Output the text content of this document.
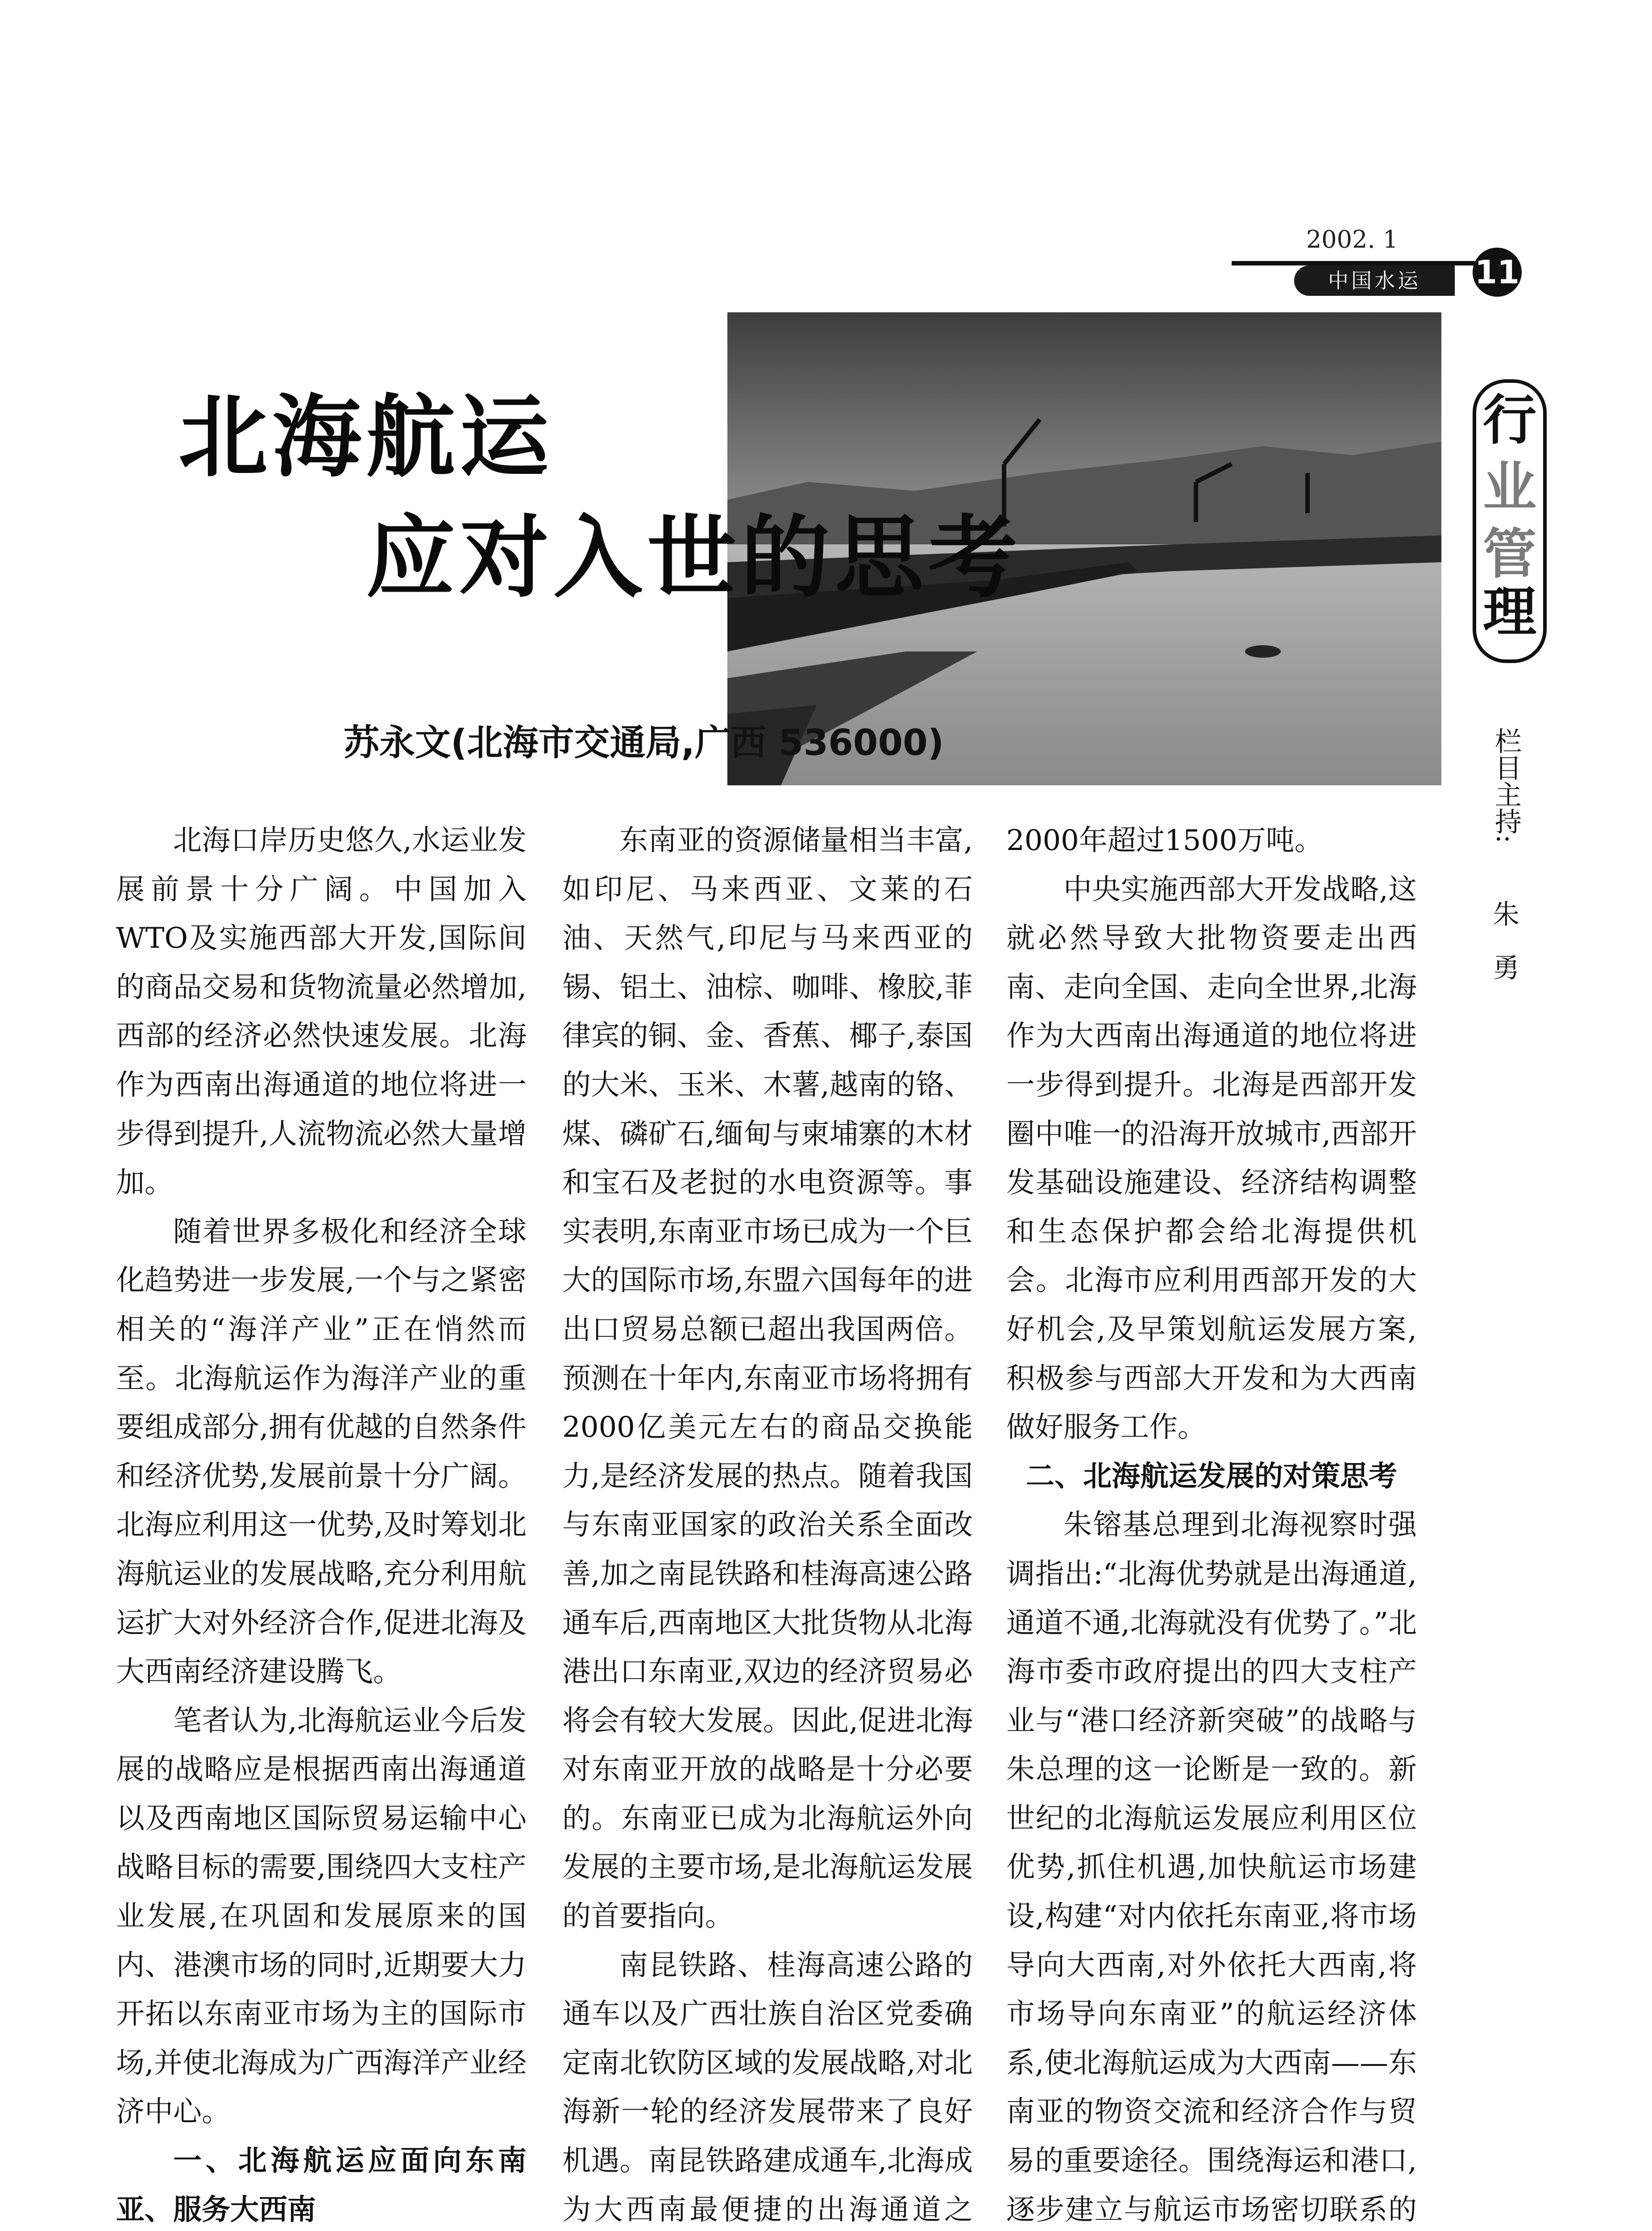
2002. 1
中国水运	11
行
业
管
理
栏目主持:
朱
勇
北海航运
应对入世的思考
苏永文(北海市交通局,广西 536000)

北海口岸历史悠久,水运业发展前景十分广阔。中国加入WTO及实施西部大开发,国际间的商品交易和货物流量必然增加,西部的经济必然快速发展。北海作为西南出海通道的地位将进一步得到提升,人流物流必然大量增加。

随着世界多极化和经济全球化趋势进一步发展,一个与之紧密相关的“海洋产业”正在悄然而至。北海航运作为海洋产业的重要组成部分,拥有优越的自然条件和经济优势,发展前景十分广阔。北海应利用这一优势,及时筹划北海航运业的发展战略,充分利用航运扩大对外经济合作,促进北海及大西南经济建设腾飞。

笔者认为,北海航运业今后发展的战略应是根据西南出海通道以及西南地区国际贸易运输中心战略目标的需要,围绕四大支柱产业发展,在巩固和发展原来的国内、港澳市场的同时,近期要大力开拓以东南亚市场为主的国际市场,并使北海成为广西海洋产业经济中心。

一、北海航运应面向东南亚、服务大西南

东南亚的资源储量相当丰富,如印尼、马来西亚、文莱的石油、天然气,印尼与马来西亚的锡、铝土、油棕、咖啡、橡胶,菲律宾的铜、金、香蕉、椰子,泰国的大米、玉米、木薯,越南的铬、煤、磷矿石,缅甸与柬埔寨的木材和宝石及老挝的水电资源等。事实表明,东南亚市场已成为一个巨大的国际市场,东盟六国每年的进出口贸易总额已超出我国两倍。预测在十年内,东南亚市场将拥有2000亿美元左右的商品交换能力,是经济发展的热点。随着我国与东南亚国家的政治关系全面改善,加之南昆铁路和桂海高速公路通车后,西南地区大批货物从北海港出口东南亚,双边的经济贸易必将会有较大发展。因此,促进北海对东南亚开放的战略是十分必要的。东南亚已成为北海航运外向发展的主要市场,是北海航运发展的首要指向。

南昆铁路、桂海高速公路的通车以及广西壮族自治区党委确定南北钦防区域的发展战略,对北海新一轮的经济发展带来了良好机遇。南昆铁路建成通车,北海成为大西南最便捷的出海通道之

2000年超过1500万吨。

中央实施西部大开发战略,这就必然导致大批物资要走出西南、走向全国、走向全世界,北海作为大西南出海通道的地位将进一步得到提升。北海是西部开发圈中唯一的沿海开放城市,西部开发基础设施建设、经济结构调整和生态保护都会给北海提供机会。北海市应利用西部开发的大好机会,及早策划航运发展方案,积极参与西部大开发和为大西南做好服务工作。

二、北海航运发展的对策思考

朱镕基总理到北海视察时强调指出:“北海优势就是出海通道,通道不通,北海就没有优势了。”北海市委市政府提出的四大支柱产业与“港口经济新突破”的战略与朱总理的这一论断是一致的。新世纪的北海航运发展应利用区位优势,抓住机遇,加快航运市场建设,构建“对内依托东南亚,将市场导向大西南,对外依托大西南,将市场导向东南亚”的航运经济体系,使北海航运成为大西南——东南亚的物资交流和经济合作与贸易的重要途径。围绕海运和港口,逐步建立与航运市场密切联系的
